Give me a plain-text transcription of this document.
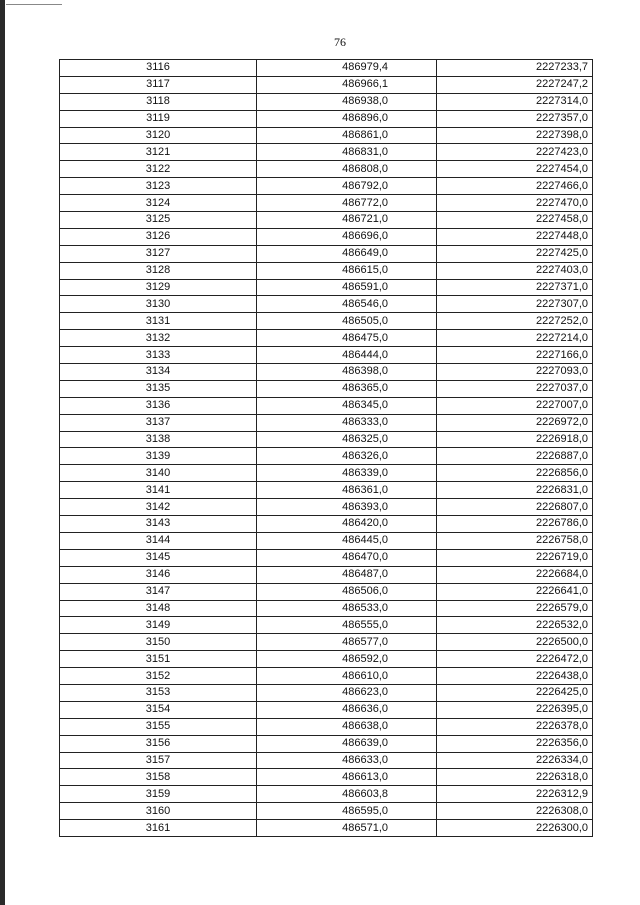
76
3116	486979,4	2227233,7
3117	486966,1	2227247,2
3118	486938,0	2227314,0
3119	486896,0	2227357,0
3120	486861,0	2227398,0
3121	486831,0	2227423,0
3122	486808,0	2227454,0
3123	486792,0	2227466,0
3124	486772,0	2227470,0
3125	486721,0	2227458,0
3126	486696,0	2227448,0
3127	486649,0	2227425,0
3128	486615,0	2227403,0
3129	486591,0	2227371,0
3130	486546,0	2227307,0
3131	486505,0	2227252,0
3132	486475,0	2227214,0
3133	486444,0	2227166,0
3134	486398,0	2227093,0
3135	486365,0	2227037,0
3136	486345,0	2227007,0
3137	486333,0	2226972,0
3138	486325,0	2226918,0
3139	486326,0	2226887,0
3140	486339,0	2226856,0
3141	486361,0	2226831,0
3142	486393,0	2226807,0
3143	486420,0	2226786,0
3144	486445,0	2226758,0
3145	486470,0	2226719,0
3146	486487,0	2226684,0
3147	486506,0	2226641,0
3148	486533,0	2226579,0
3149	486555,0	2226532,0
3150	486577,0	2226500,0
3151	486592,0	2226472,0
3152	486610,0	2226438,0
3153	486623,0	2226425,0
3154	486636,0	2226395,0
3155	486638,0	2226378,0
3156	486639,0	2226356,0
3157	486633,0	2226334,0
3158	486613,0	2226318,0
3159	486603,8	2226312,9
3160	486595,0	2226308,0
3161	486571,0	2226300,0
